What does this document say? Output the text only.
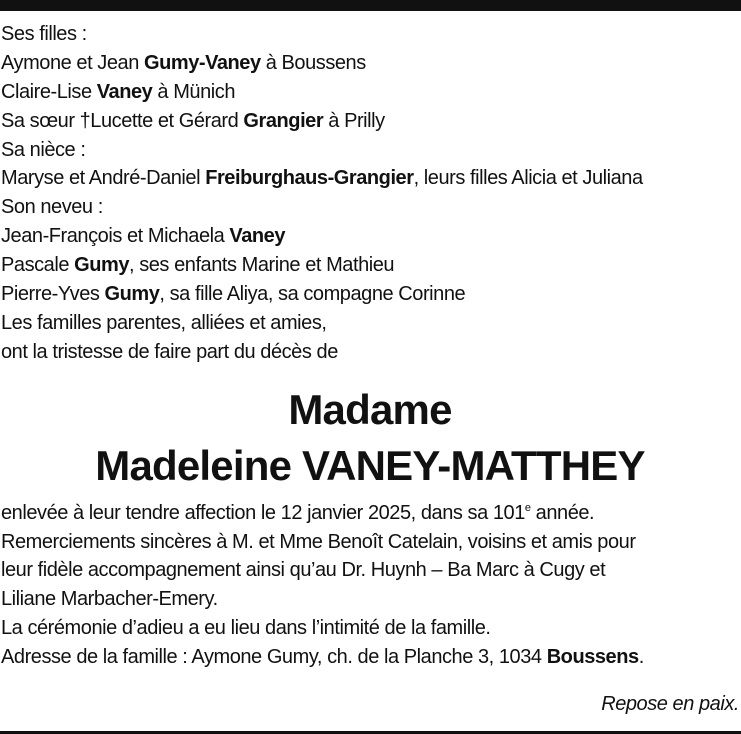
Ses filles :
Aymone et Jean Gumy-Vaney à Boussens
Claire-Lise Vaney à Münich
Sa sœur †Lucette et Gérard Grangier à Prilly
Sa nièce :
Maryse et André-Daniel Freiburghaus-Grangier, leurs filles Alicia et Juliana
Son neveu :
Jean-François et Michaela Vaney
Pascale Gumy, ses enfants Marine et Mathieu
Pierre-Yves Gumy, sa fille Aliya, sa compagne Corinne
Les familles parentes, alliées et amies,
ont la tristesse de faire part du décès de
Madame
Madeleine VANEY-MATTHEY
enlevée à leur tendre affection le 12 janvier 2025, dans sa 101e année.
Remerciements sincères à M. et Mme Benoît Catelain, voisins et amis pour
leur fidèle accompagnement ainsi qu’au Dr. Huynh – Ba Marc à Cugy et
Liliane Marbacher-Emery.
La cérémonie d’adieu a eu lieu dans l’intimité de la famille.
Adresse de la famille : Aymone Gumy, ch. de la Planche 3, 1034 Boussens.
Repose en paix.
